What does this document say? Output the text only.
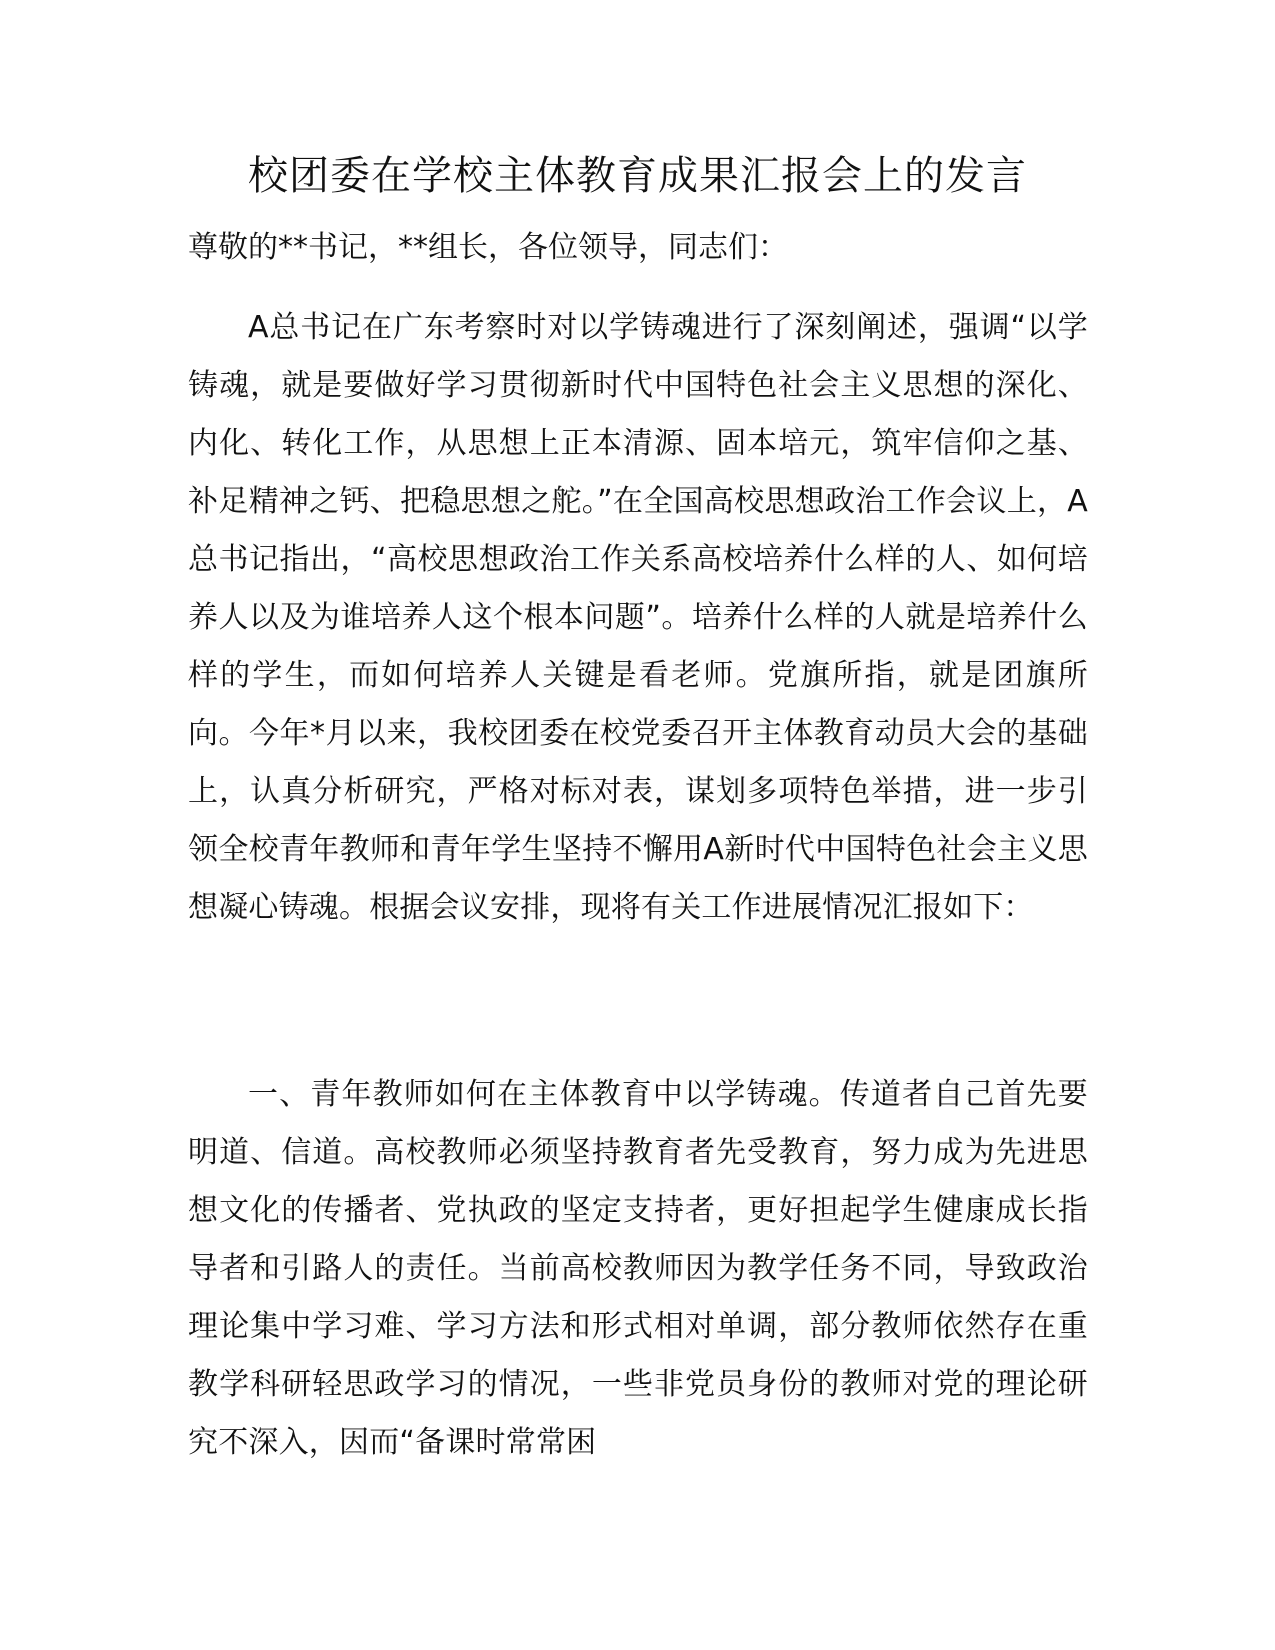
校团委在学校主体教育成果汇报会上的发言
尊敬的**书记，**组长，各位领导，同志们：

A总书记在广东考察时对以学铸魂进行了深刻阐述，强调“以学铸魂，就是要做好学习贯彻新时代中国特色社会主义思想的深化、内化、转化工作，从思想上正本清源、固本培元，筑牢信仰之基、补足精神之钙、把稳思想之舵。”在全国高校思想政治工作会议上，A总书记指出，“高校思想政治工作关系高校培养什么样的人、如何培养人以及为谁培养人这个根本问题”。培养什么样的人就是培养什么样的学生，而如何培养人关键是看老师。党旗所指，就是团旗所向。今年*月以来，我校团委在校党委召开主体教育动员大会的基础上，认真分析研究，严格对标对表，谋划多项特色举措，进一步引领全校青年教师和青年学生坚持不懈用A新时代中国特色社会主义思想凝心铸魂。根据会议安排，现将有关工作进展情况汇报如下：

一、青年教师如何在主体教育中以学铸魂。传道者自己首先要明道、信道。高校教师必须坚持教育者先受教育，努力成为先进思想文化的传播者、党执政的坚定支持者，更好担起学生健康成长指导者和引路人的责任。当前高校教师因为教学任务不同，导致政治理论集中学习难、学习方法和形式相对单调，部分教师依然存在重教学科研轻思政学习的情况，一些非党员身份的教师对党的理论研究不深入，因而“备课时常常困
